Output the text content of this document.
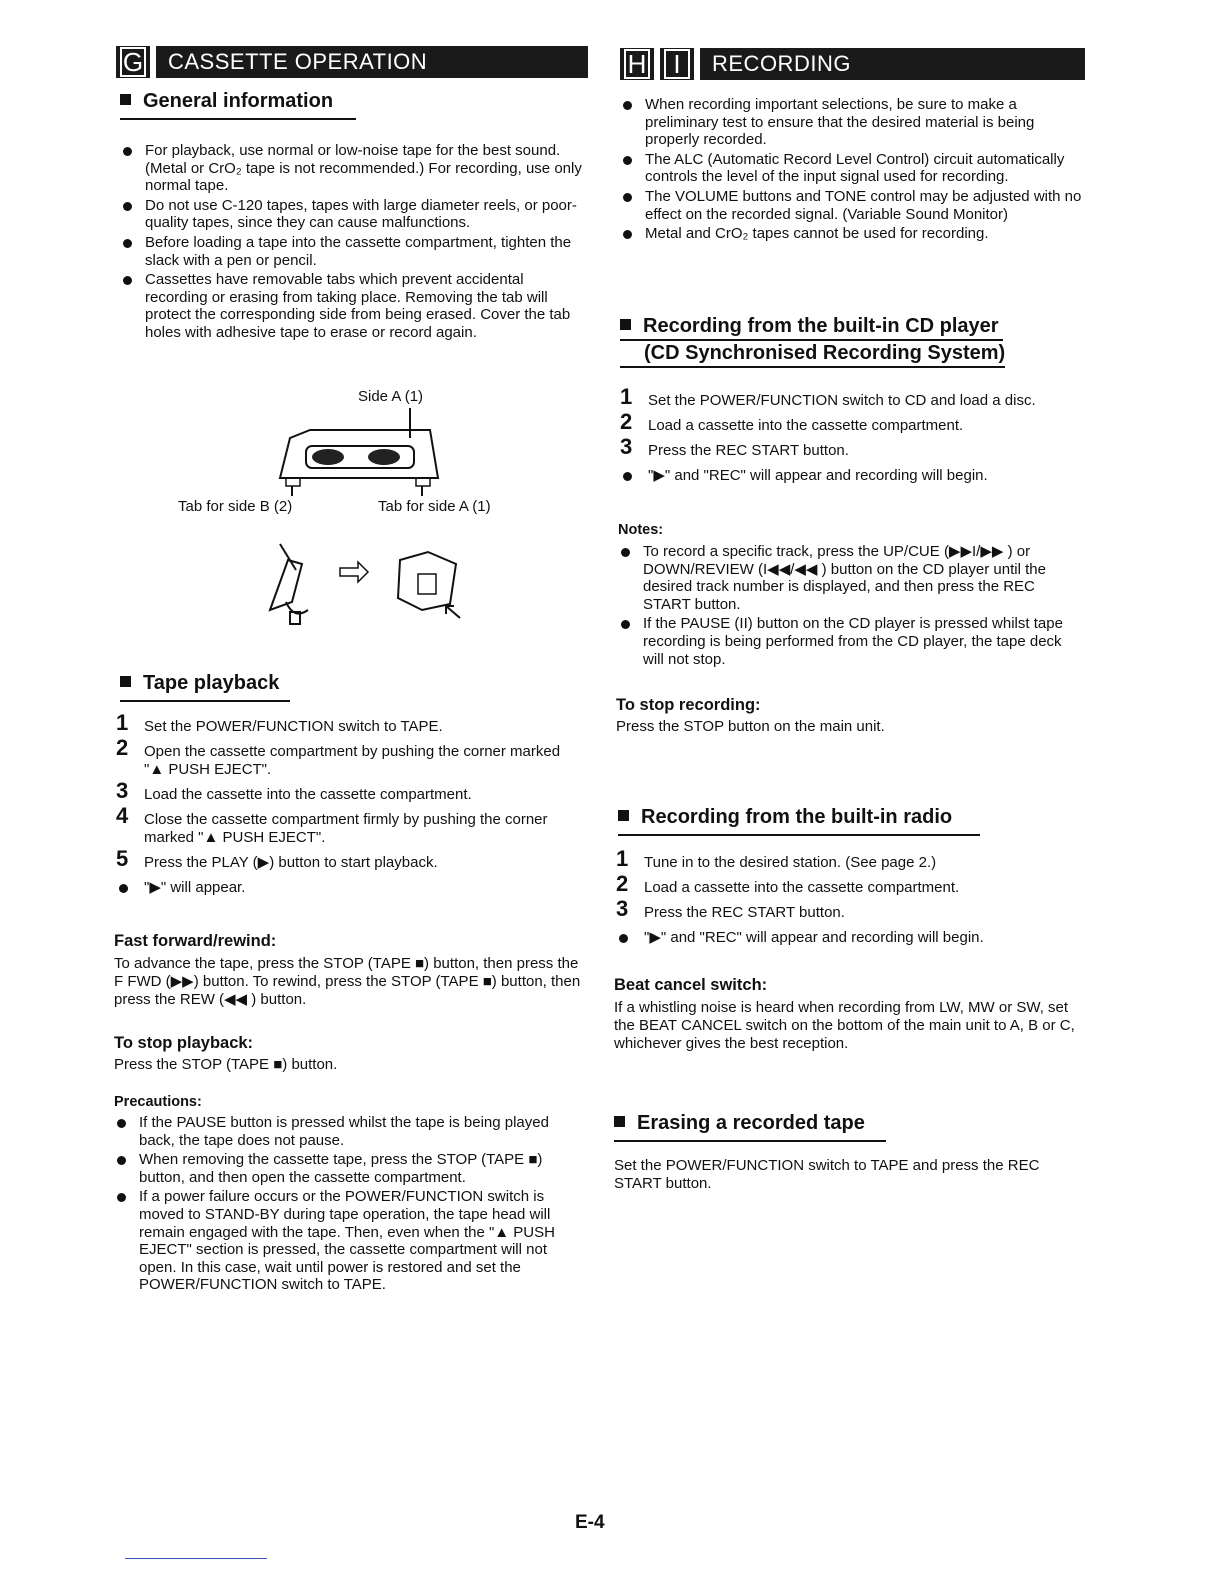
G	CASSETTE OPERATION
General information
For playback, use normal or low-noise tape for the best sound. (Metal or CrO₂ tape is not recommended.) For recording, use only normal tape.
Do not use C-120 tapes, tapes with large diameter reels, or poor-quality tapes, since they can cause malfunctions.
Before loading a tape into the cassette compartment, tighten the slack with a pen or pencil.
Cassettes have removable tabs which prevent accidental recording or erasing from taking place. Removing the tab will protect the corresponding side from being erased. Cover the tab holes with adhesive tape to erase or record again.
Side A (1)
Tab for side B (2)	Tab for side A (1)
Tape playback
1 Set the POWER/FUNCTION switch to TAPE.
2 Open the cassette compartment by pushing the corner marked "▲ PUSH EJECT".
3 Load the cassette into the cassette compartment.
4 Close the cassette compartment firmly by pushing the corner marked "▲ PUSH EJECT".
5 Press the PLAY (▶) button to start playback.
"▶" will appear.
Fast forward/rewind:
To advance the tape, press the STOP (TAPE ■) button, then press the F FWD (▶▶) button. To rewind, press the STOP (TAPE ■) button, then press the REW (◀◀ ) button.
To stop playback:
Press the STOP (TAPE ■) button.
Precautions:
If the PAUSE button is pressed whilst the tape is being played back, the tape does not pause.
When removing the cassette tape, press the STOP (TAPE ■) button, and then open the cassette compartment.
If a power failure occurs or the POWER/FUNCTION switch is moved to STAND-BY during tape operation, the tape head will remain engaged with the tape. Then, even when the "▲ PUSH EJECT" section is pressed, the cassette compartment will not open. In this case, wait until power is restored and set the POWER/FUNCTION switch to TAPE.
H	I	RECORDING
When recording important selections, be sure to make a preliminary test to ensure that the desired material is being properly recorded.
The ALC (Automatic Record Level Control) circuit automatically controls the level of the input signal used for recording.
The VOLUME buttons and TONE control may be adjusted with no effect on the recorded signal. (Variable Sound Monitor)
Metal and CrO₂ tapes cannot be used for recording.
Recording from the built-in CD player (CD Synchronised Recording System)
1 Set the POWER/FUNCTION switch to CD and load a disc.
2 Load a cassette into the cassette compartment.
3 Press the REC START button.
"▶" and "REC" will appear and recording will begin.
Notes:
To record a specific track, press the UP/CUE (▶▶I/▶▶ ) or DOWN/REVIEW (I◀◀/◀◀ ) button on the CD player until the desired track number is displayed, and then press the REC START button.
If the PAUSE (II) button on the CD player is pressed whilst tape recording is being performed from the CD player, the tape deck will not stop.
To stop recording:
Press the STOP button on the main unit.
Recording from the built-in radio
1 Tune in to the desired station. (See page 2.)
2 Load a cassette into the cassette compartment.
3 Press the REC START button.
"▶" and "REC" will appear and recording will begin.
Beat cancel switch:
If a whistling noise is heard when recording from LW, MW or SW, set the BEAT CANCEL switch on the bottom of the main unit to A, B or C, whichever gives the best reception.
Erasing a recorded tape
Set the POWER/FUNCTION switch to TAPE and press the REC START button.
E-4
